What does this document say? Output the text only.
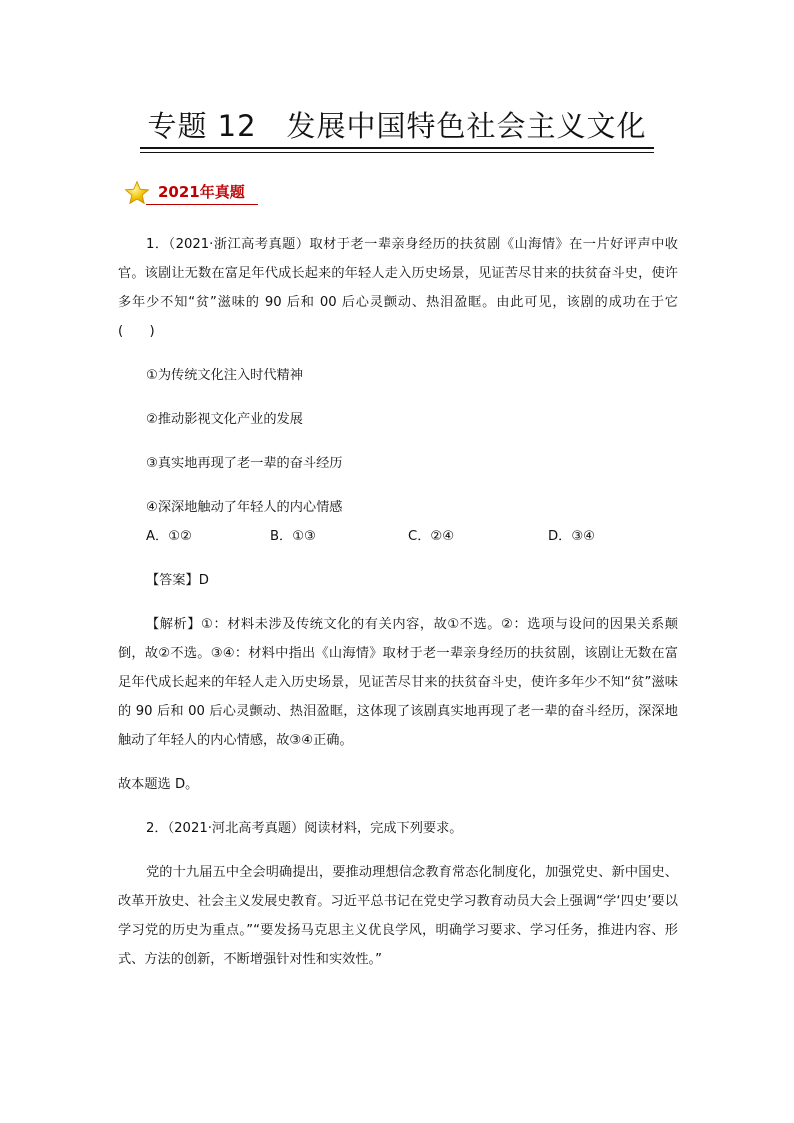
专题 12　发展中国特色社会主义文化
2021年真题

1．（2021·浙江高考真题）取材于老一辈亲身经历的扶贫剧《山海情》在一片好评声中收官。该剧让无数在富足年代成长起来的年轻人走入历史场景，见证苦尽甘来的扶贫奋斗史，使许多年少不知“贫”滋味的 90 后和 00 后心灵颤动、热泪盈眶。由此可见，该剧的成功在于它(　　)

①为传统文化注入时代精神

②推动影视文化产业的发展

③真实地再现了老一辈的奋斗经历

④深深地触动了年轻人的内心情感

A．①②	B．①③	C．②④	D．③④

【答案】D

【解析】①：材料未涉及传统文化的有关内容，故①不选。②：选项与设问的因果关系颠倒，故②不选。③④：材料中指出《山海情》取材于老一辈亲身经历的扶贫剧，该剧让无数在富足年代成长起来的年轻人走入历史场景，见证苦尽甘来的扶贫奋斗史，使许多年少不知“贫”滋味的 90 后和 00 后心灵颤动、热泪盈眶，这体现了该剧真实地再现了老一辈的奋斗经历，深深地触动了年轻人的内心情感，故③④正确。

故本题选 D。

2．（2021·河北高考真题）阅读材料，完成下列要求。

党的十九届五中全会明确提出，要推动理想信念教育常态化制度化，加强党史、新中国史、改革开放史、社会主义发展史教育。习近平总书记在党史学习教育动员大会上强调“学‘四史’要以学习党的历史为重点。”“要发扬马克思主义优良学风，明确学习要求、学习任务，推进内容、形式、方法的创新，不断增强针对性和实效性。”
